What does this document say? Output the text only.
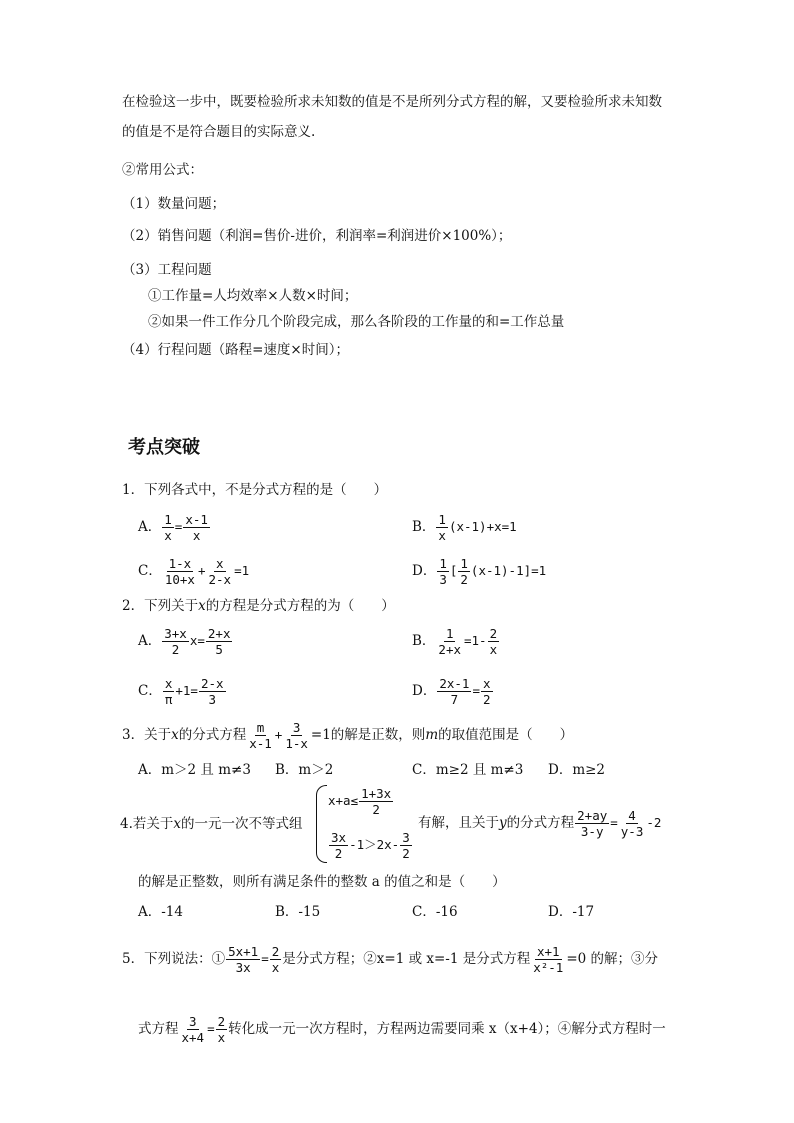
在检验这一步中，既要检验所求未知数的值是不是所列分式方程的解，又要检验所求未知数
的值是不是符合题目的实际意义.
②常用公式：
（1）数量问题；
（2）销售问题（利润=售价-进价，利润率=利润进价×100%）；
（3）工程问题
①工作量=人均效率×人数×时间；
②如果一件工作分几个阶段完成，那么各阶段的工作量的和=工作总量
（4）行程问题（路程=速度×时间）；
考点突破
1．下列各式中，不是分式方程的是（　　）
A． $\frac{1}{x} = \frac{x-1}{x}$	B． $\frac{1}{x} (x-1)+x=1$
C． $\frac{1-x}{10+x} + \frac{x}{2-x} =1$	D． $\frac{1}{3}$ [ $\frac{1}{2} (x-1)-1]=1$
2．下列关于x的方程是分式方程的为（　　）
A． $\frac{3+x}{2} x= \frac{2+x}{5}$	B． $\frac{1}{2+x} =1- \frac{2}{x}$
C． $\frac{x}{\pi} +1= \frac{2-x}{3}$	D． $\frac{2x-1}{7} = \frac{x}{2}$
3．关于x的分式方程 $\frac{m}{x-1} + \frac{3}{1-x} =1$的解是正数，则m的取值范围是（　　）
A．m＞2 且 m≠3 B．m＞2	C．m≥2 且 m≠3 D．m≥2
4.若关于x的一元一次不等式组
$x+a\le \frac{1+3x}{2}$
$\frac{3x}{2} -1>2x- \frac{3}{2}$
有解，且关于y的分式方程 $\frac{2+ay}{3-y} = \frac{4}{y-3} -2$
的解是正整数，则所有满足条件的整数 a 的值之和是（　　）
A．-14	B．-15	C．-16	D．-17
5．下列说法：① $\frac{5x+1}{3x} = \frac{2}{x}$ 是分式方程；②x=1 或 x=-1 是分式方程 $\frac{x+1}{\text{x²-1}} =0$ 的解；③分
式方程 $\frac{3}{x+4} = \frac{2}{x}$ 转化成一元一次方程时，方程两边需要同乘 x（x+4）；④解分式方程时一
